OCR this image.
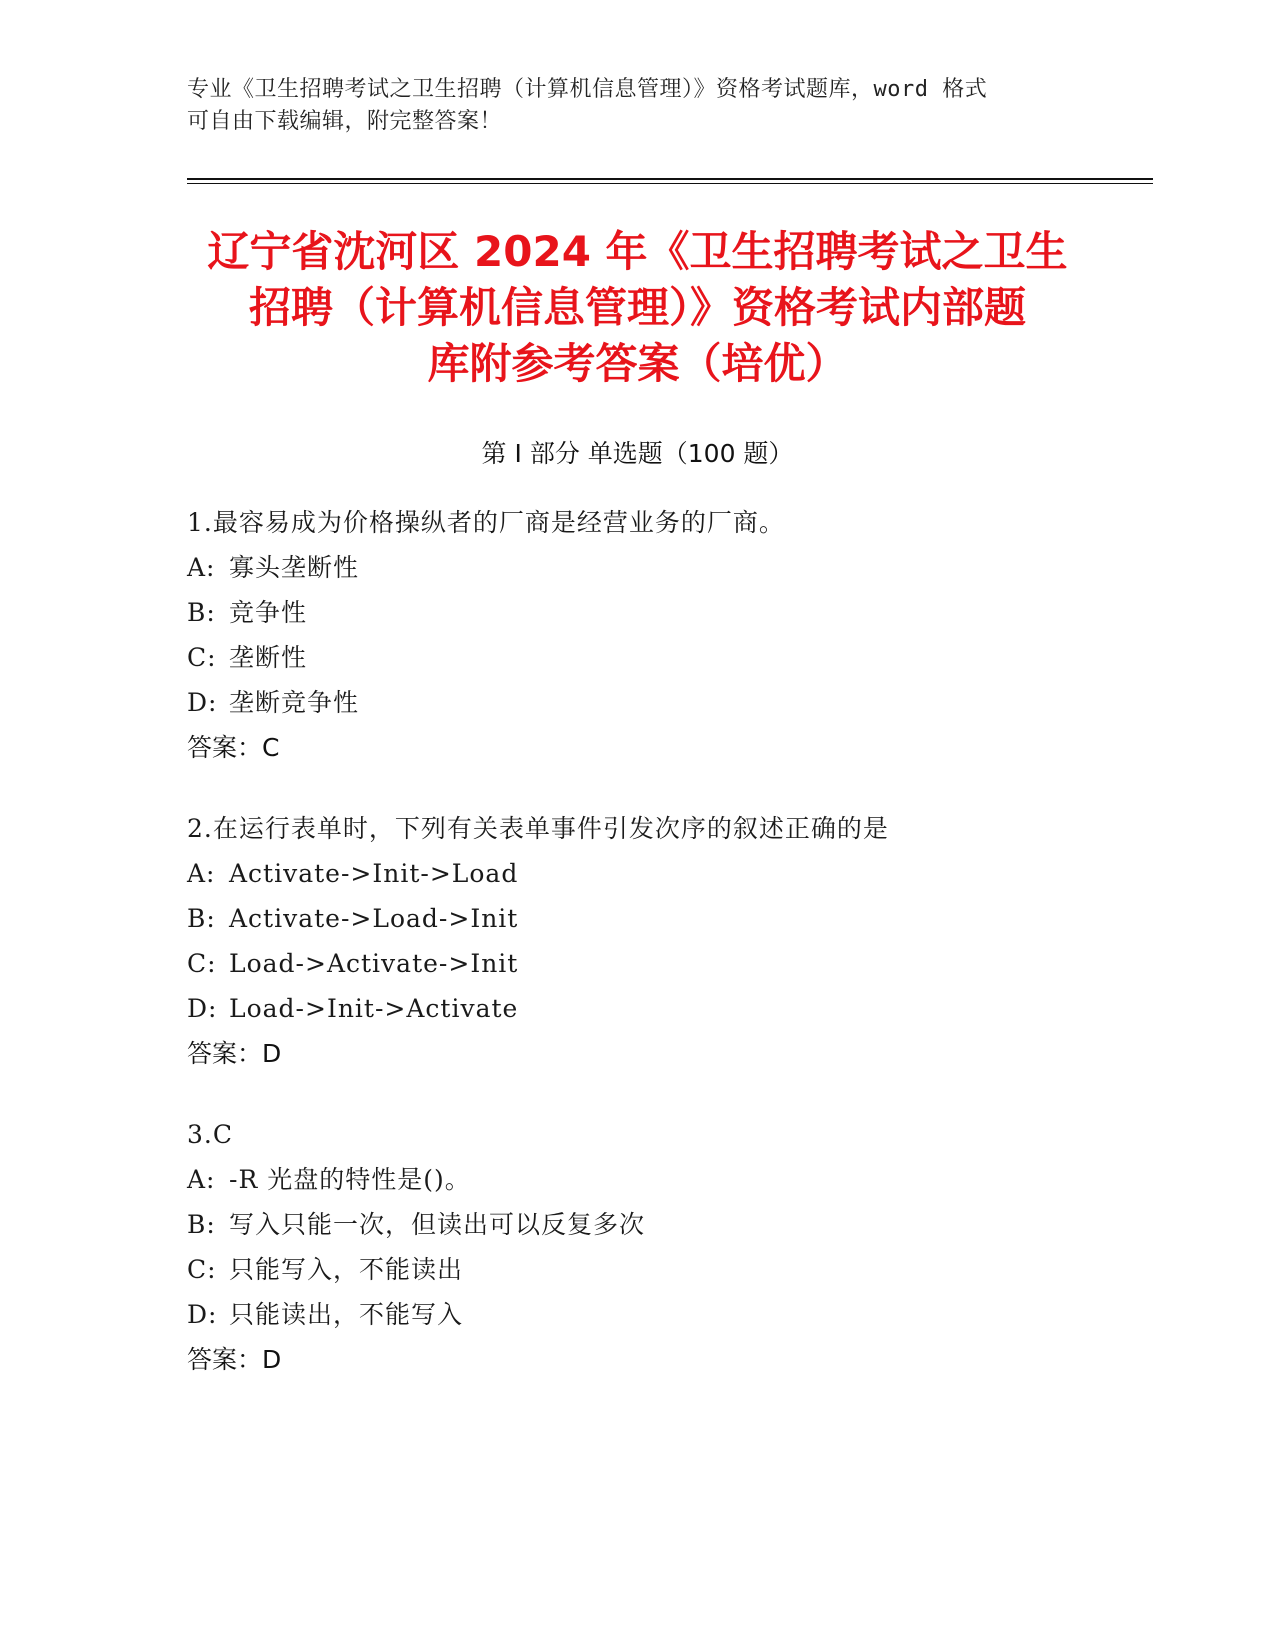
专业《卫生招聘考试之卫生招聘（计算机信息管理）》资格考试题库，word 格式
可自由下载编辑，附完整答案！
辽宁省沈河区 2024 年《卫生招聘考试之卫生
招聘（计算机信息管理）》资格考试内部题
库附参考答案（培优）
第 I 部分 单选题（100 题）
1.最容易成为价格操纵者的厂商是经营业务的厂商。
A: 寡头垄断性
B: 竞争性
C: 垄断性
D: 垄断竞争性
答案：C
2.在运行表单时，下列有关表单事件引发次序的叙述正确的是
A: Activate->Init->Load
B: Activate->Load->Init
C: Load->Activate->Init
D: Load->Init->Activate
答案：D
3.C
A: -R 光盘的特性是()。
B: 写入只能一次，但读出可以反复多次
C: 只能写入，不能读出
D: 只能读出，不能写入
答案：D
